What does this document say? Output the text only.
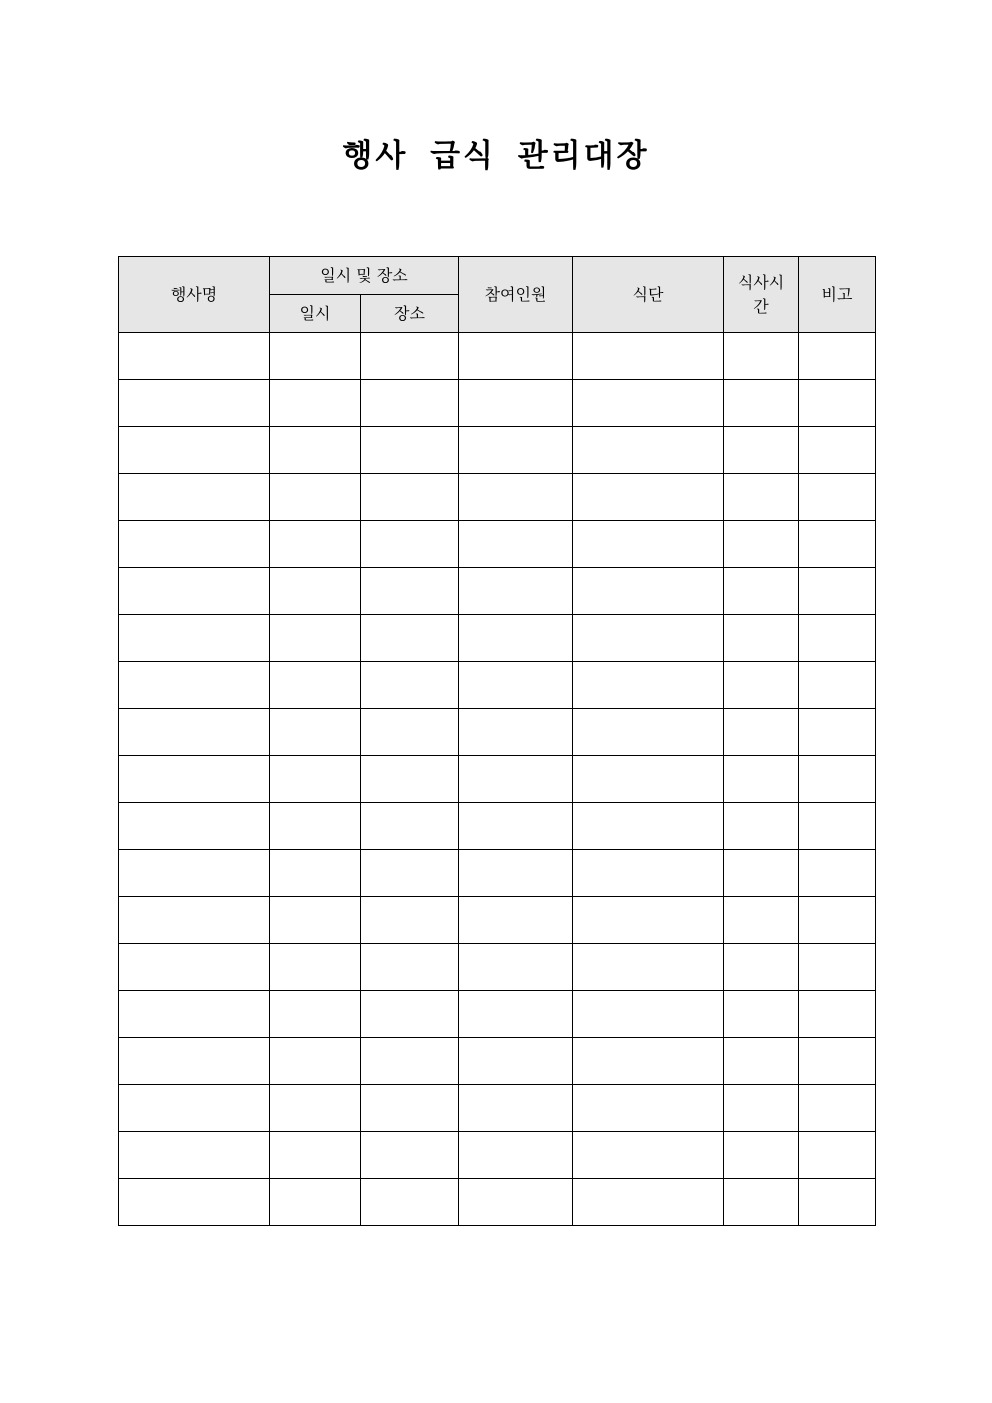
행사 급식 관리대장
행사명	일시 및 장소		참여인원	식단	식사시간	비고
	일시	장소				
